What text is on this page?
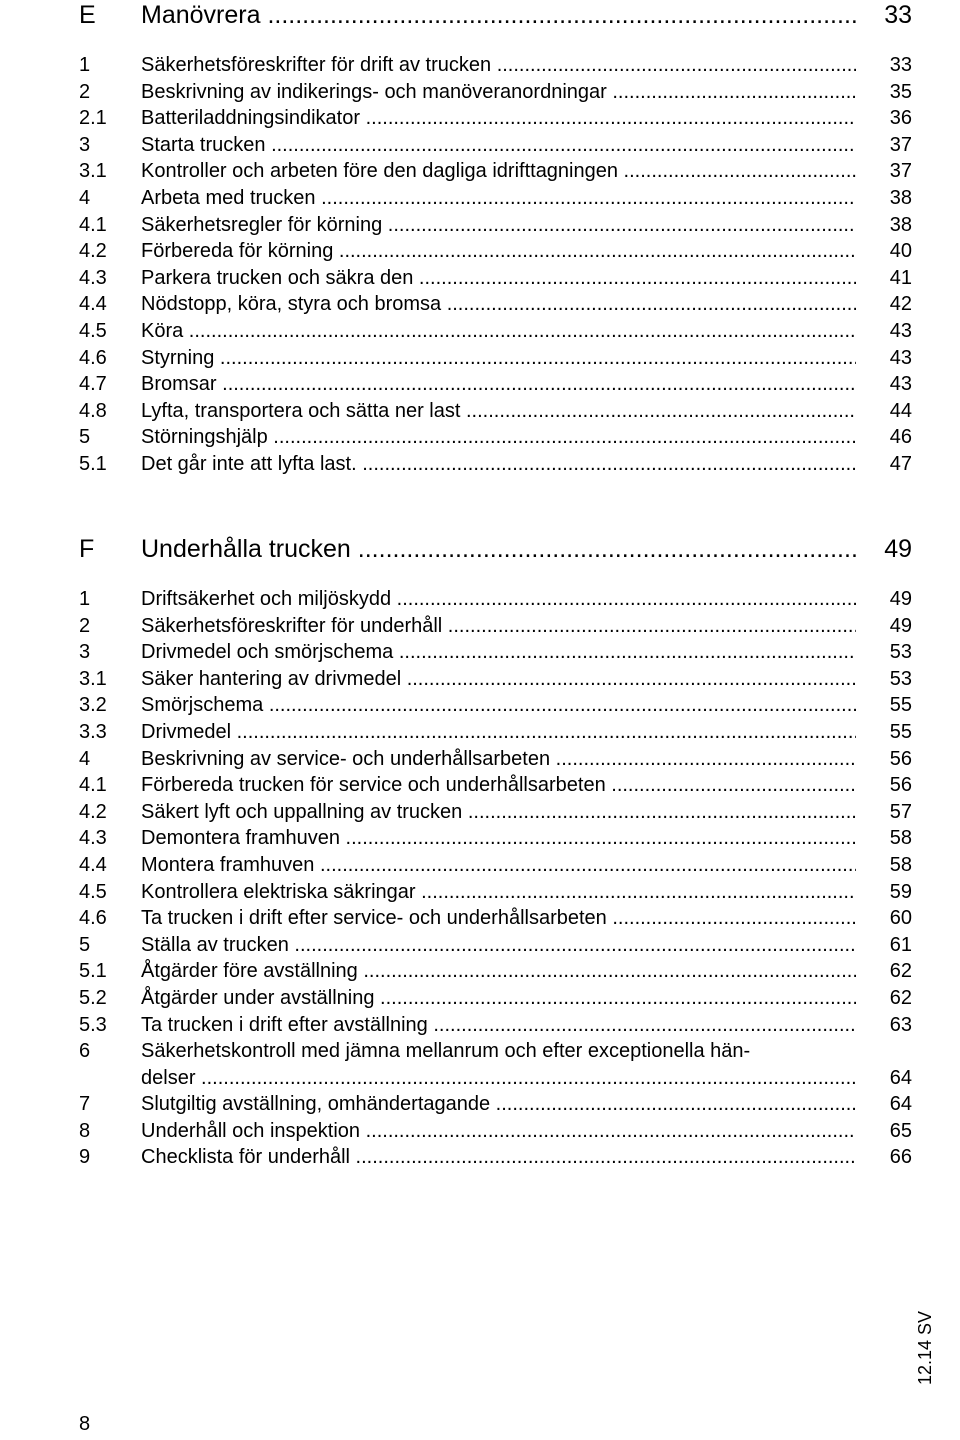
E Manövrera .....	33
1	Säkerhetsföreskrifter för drift av trucken .....	33
2	Beskrivning av indikerings- och manöveranordningar .....	35
2.1 Batteriladdningsindikator .....	36
3	Starta trucken .....	37
3.1 Kontroller och arbeten före den dagliga idrifttagningen .....	37
4	Arbeta med trucken .....	38
4.1 Säkerhetsregler för körning .....	38
4.2 Förbereda för körning .....	40
4.3 Parkera trucken och säkra den .....	41
4.4 Nödstopp, köra, styra och bromsa .....	42
4.5 Köra .....	43
4.6 Styrning .....	43
4.7 Bromsar .....	43
4.8 Lyfta, transportera och sätta ner last .....	44
5	Störningshjälp .....	46
5.1 Det går inte att lyfta last. .....	47
F Underhålla trucken .....	49
1	Driftsäkerhet och miljöskydd .....	49
2	Säkerhetsföreskrifter för underhåll .....	49
3	Drivmedel och smörjschema .....	53
3.1 Säker hantering av drivmedel .....	53
3.2 Smörjschema .....	55
3.3 Drivmedel .....	55
4	Beskrivning av service- och underhållsarbeten .....	56
4.1 Förbereda trucken för service och underhållsarbeten .....	56
4.2 Säkert lyft och uppallning av trucken .....	57
4.3 Demontera framhuven .....	58
4.4 Montera framhuven .....	58
4.5 Kontrollera elektriska säkringar .....	59
4.6 Ta trucken i drift efter service- och underhållsarbeten .....	60
5	Ställa av trucken .....	61
5.1 Åtgärder före avställning .....	62
5.2 Åtgärder under avställning .....	62
5.3 Ta trucken i drift efter avställning .....	63
6	Säkerhetskontroll med jämna mellanrum och efter exceptionella hän-
delser .....	64
7	Slutgiltig avställning, omhändertagande .....	64
8	Underhåll och inspektion .....	65
9	Checklista för underhåll .....	66
12.14 SV
8
